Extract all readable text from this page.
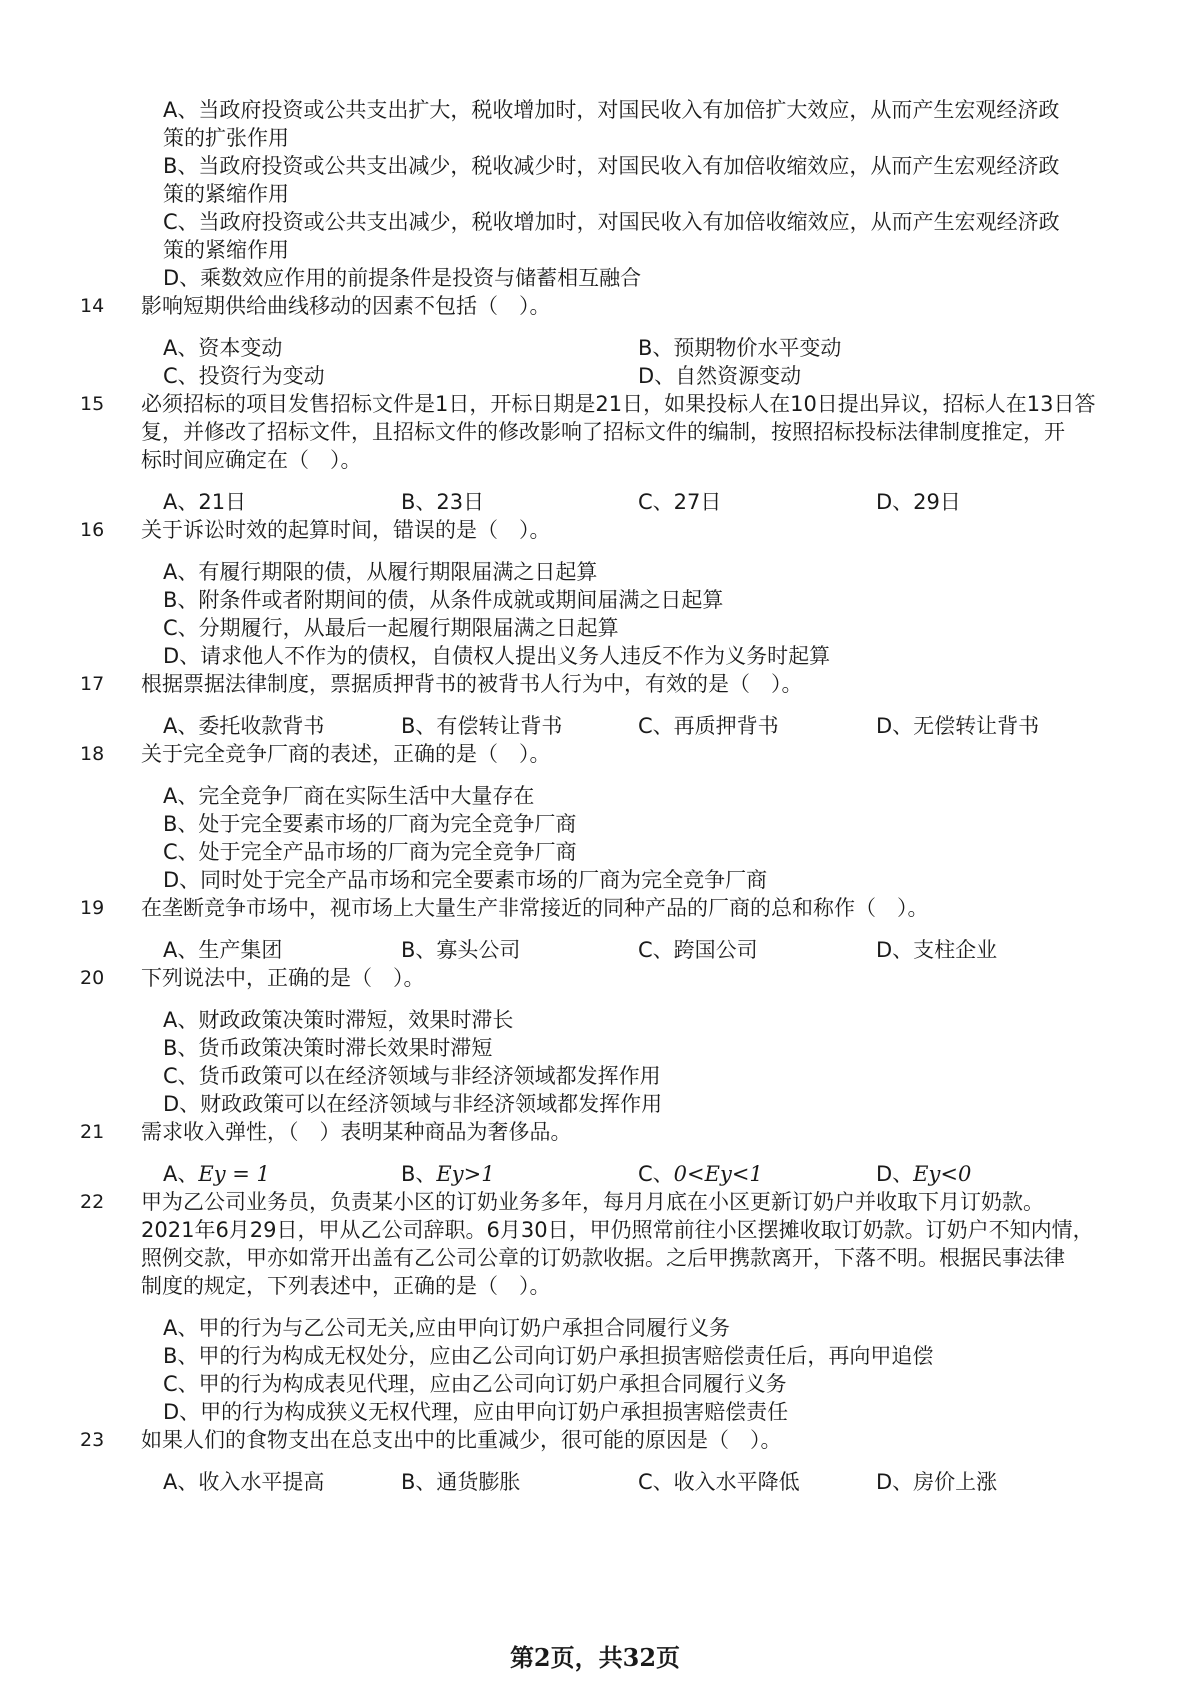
A、当政府投资或公共支出扩大，税收增加时，对国民收入有加倍扩大效应，从而产生宏观经济政
策的扩张作用
B、当政府投资或公共支出减少，税收减少时，对国民收入有加倍收缩效应，从而产生宏观经济政
策的紧缩作用
C、当政府投资或公共支出减少，税收增加时，对国民收入有加倍收缩效应，从而产生宏观经济政
策的紧缩作用
D、乘数效应作用的前提条件是投资与储蓄相互融合
14 影响短期供给曲线移动的因素不包括（　）。
A、资本变动	B、预期物价水平变动
C、投资行为变动	D、自然资源变动
15 必须招标的项目发售招标文件是1日，开标日期是21日，如果投标人在10日提出异议，招标人在13日答
复，并修改了招标文件，且招标文件的修改影响了招标文件的编制，按照招标投标法律制度推定，开
标时间应确定在（　）。
A、21日	B、23日	C、27日	D、29日
16 关于诉讼时效的起算时间，错误的是（　）。
A、有履行期限的债，从履行期限届满之日起算
B、附条件或者附期间的债，从条件成就或期间届满之日起算
C、分期履行，从最后一起履行期限届满之日起算
D、请求他人不作为的债权，自债权人提出义务人违反不作为义务时起算
17 根据票据法律制度，票据质押背书的被背书人行为中，有效的是（　）。
A、委托收款背书	B、有偿转让背书	C、再质押背书	D、无偿转让背书
18 关于完全竞争厂商的表述，正确的是（　）。
A、完全竞争厂商在实际生活中大量存在
B、处于完全要素市场的厂商为完全竞争厂商
C、处于完全产品市场的厂商为完全竞争厂商
D、同时处于完全产品市场和完全要素市场的厂商为完全竞争厂商
19 在垄断竞争市场中，视市场上大量生产非常接近的同种产品的厂商的总和称作（　）。
A、生产集团	B、寡头公司	C、跨国公司	D、支柱企业
20 下列说法中，正确的是（　）。
A、财政政策决策时滞短，效果时滞长
B、货币政策决策时滞长效果时滞短
C、货币政策可以在经济领域与非经济领域都发挥作用
D、财政政策可以在经济领域与非经济领域都发挥作用
21 需求收入弹性，（　）表明某种商品为奢侈品。
A、Ey = 1	B、Ey>1	C、0<Ey<1	D、Ey<0
22 甲为乙公司业务员，负责某小区的订奶业务多年，每月月底在小区更新订奶户并收取下月订奶款。
2021年6月29日，甲从乙公司辞职。6月30日，甲仍照常前往小区摆摊收取订奶款。订奶户不知内情，
照例交款，甲亦如常开出盖有乙公司公章的订奶款收据。之后甲携款离开，下落不明。根据民事法律
制度的规定，下列表述中，正确的是（　）。
A、甲的行为与乙公司无关,应由甲向订奶户承担合同履行义务
B、甲的行为构成无权处分，应由乙公司向订奶户承担损害赔偿责任后，再向甲追偿
C、甲的行为构成表见代理，应由乙公司向订奶户承担合同履行义务
D、甲的行为构成狭义无权代理，应由甲向订奶户承担损害赔偿责任
23 如果人们的食物支出在总支出中的比重减少，很可能的原因是（　）。
A、收入水平提高	B、通货膨胀	C、收入水平降低	D、房价上涨
第2页，共32页
